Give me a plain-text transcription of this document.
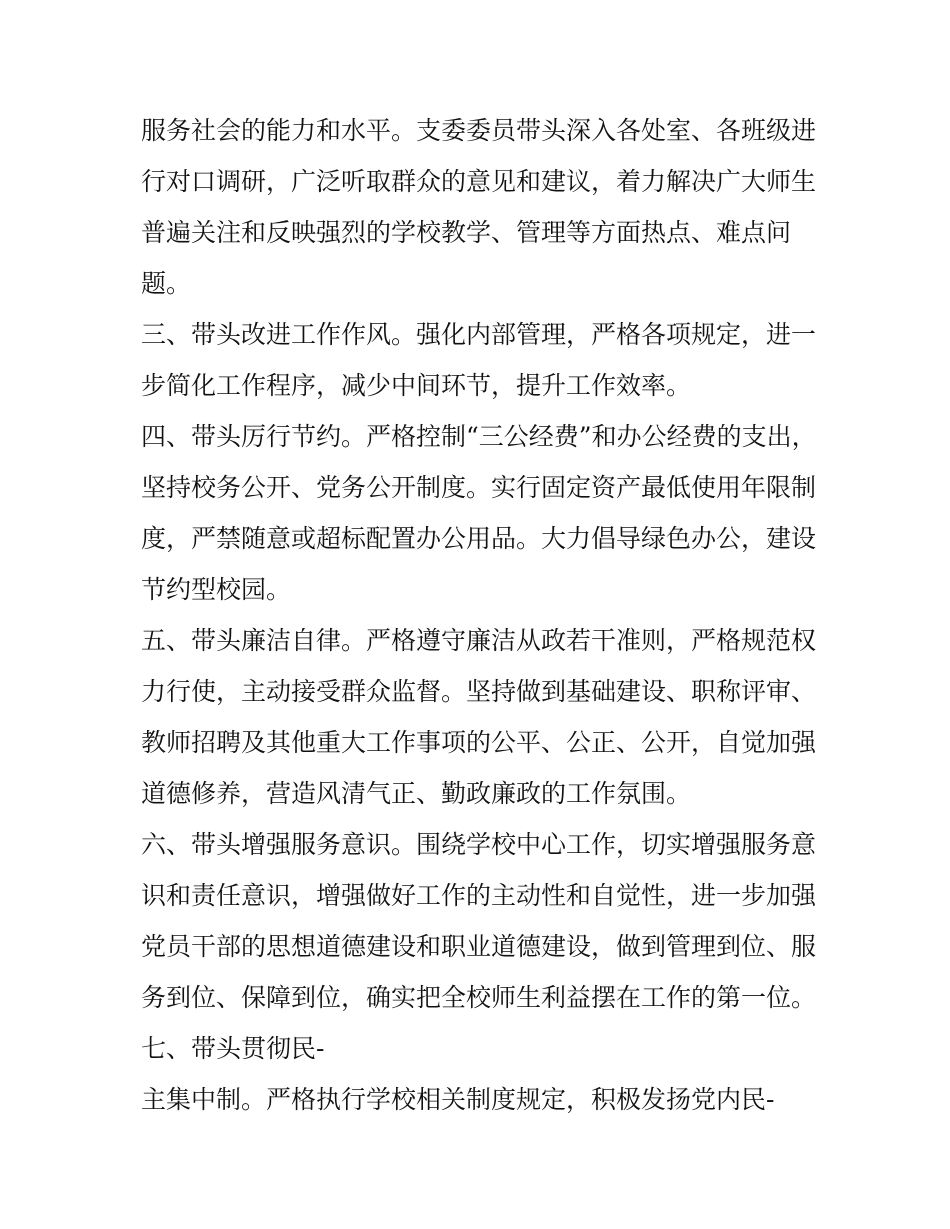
服务社会的能力和水平。支委委员带头深入各处室、各班级进
行对口调研，广泛听取群众的意见和建议，着力解决广大师生
普遍关注和反映强烈的学校教学、管理等方面热点、难点问
题。
三、带头改进工作作风。强化内部管理，严格各项规定，进一
步简化工作程序，减少中间环节，提升工作效率。
四、带头厉行节约。严格控制“三公经费”和办公经费的支出，
坚持校务公开、党务公开制度。实行固定资产最低使用年限制
度，严禁随意或超标配置办公用品。大力倡导绿色办公，建设
节约型校园。
五、带头廉洁自律。严格遵守廉洁从政若干准则，严格规范权
力行使，主动接受群众监督。坚持做到基础建设、职称评审、
教师招聘及其他重大工作事项的公平、公正、公开，自觉加强
道德修养，营造风清气正、勤政廉政的工作氛围。
六、带头增强服务意识。围绕学校中心工作，切实增强服务意
识和责任意识，增强做好工作的主动性和自觉性，进一步加强
党员干部的思想道德建设和职业道德建设，做到管理到位、服
务到位、保障到位，确实把全校师生利益摆在工作的第一位。
七、带头贯彻民-
主集中制。严格执行学校相关制度规定，积极发扬党内民-
